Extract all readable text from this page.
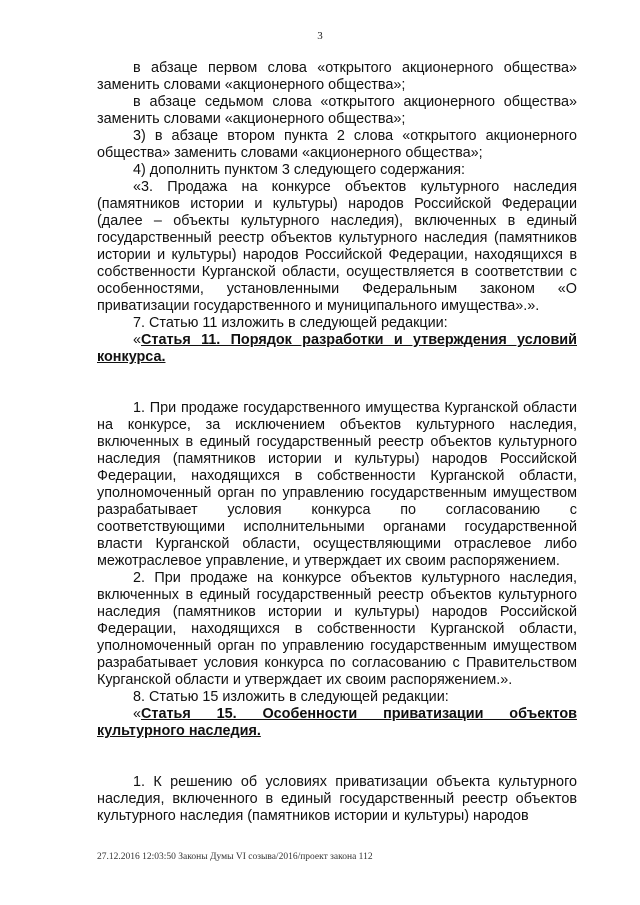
3

в абзаце первом слова «открытого акционерного общества» заменить словами «акционерного общества»;

в абзаце седьмом слова «открытого акционерного общества» заменить словами «акционерного общества»;

3) в абзаце втором пункта 2 слова «открытого акционерного общества» заменить словами «акционерного общества»;

4) дополнить пунктом 3 следующего содержания:

«3. Продажа на конкурсе объектов культурного наследия (памятников истории и культуры) народов Российской Федерации (далее – объекты культурного наследия), включенных в единый государственный реестр объектов культурного наследия (памятников истории и культуры) народов Российской Федерации, находящихся в собственности Курганской области, осуществляется в соответствии с особенностями, установленными Федеральным законом «О приватизации государственного и муниципального имущества».».

7. Статью 11 изложить в следующей редакции:

«Статья 11. Порядок разработки и утверждения условий конкурса.

1. При продаже государственного имущества Курганской области на конкурсе, за исключением объектов культурного наследия, включенных в единый государственный реестр объектов культурного наследия (памятников истории и культуры) народов Российской Федерации, находящихся в собственности Курганской области, уполномоченный орган по управлению государственным имуществом разрабатывает условия конкурса по согласованию с соответствующими исполнительными органами государственной власти Курганской области, осуществляющими отраслевое либо межотраслевое управление, и утверждает их своим распоряжением.

2. При продаже на конкурсе объектов культурного наследия, включенных в единый государственный реестр объектов культурного наследия (памятников истории и культуры) народов Российской Федерации, находящихся в собственности Курганской области, уполномоченный орган по управлению государственным имуществом разрабатывает условия конкурса по согласованию с Правительством Курганской области и утверждает их своим распоряжением.».

8. Статью 15 изложить в следующей редакции:

«Статья 15. Особенности приватизации объектов культурного наследия.

1. К решению об условиях приватизации объекта культурного наследия, включенного в единый государственный реестр объектов культурного наследия (памятников истории и культуры) народов

27.12.2016 12:03:50 Законы Думы VI созыва/2016/проект закона 112
